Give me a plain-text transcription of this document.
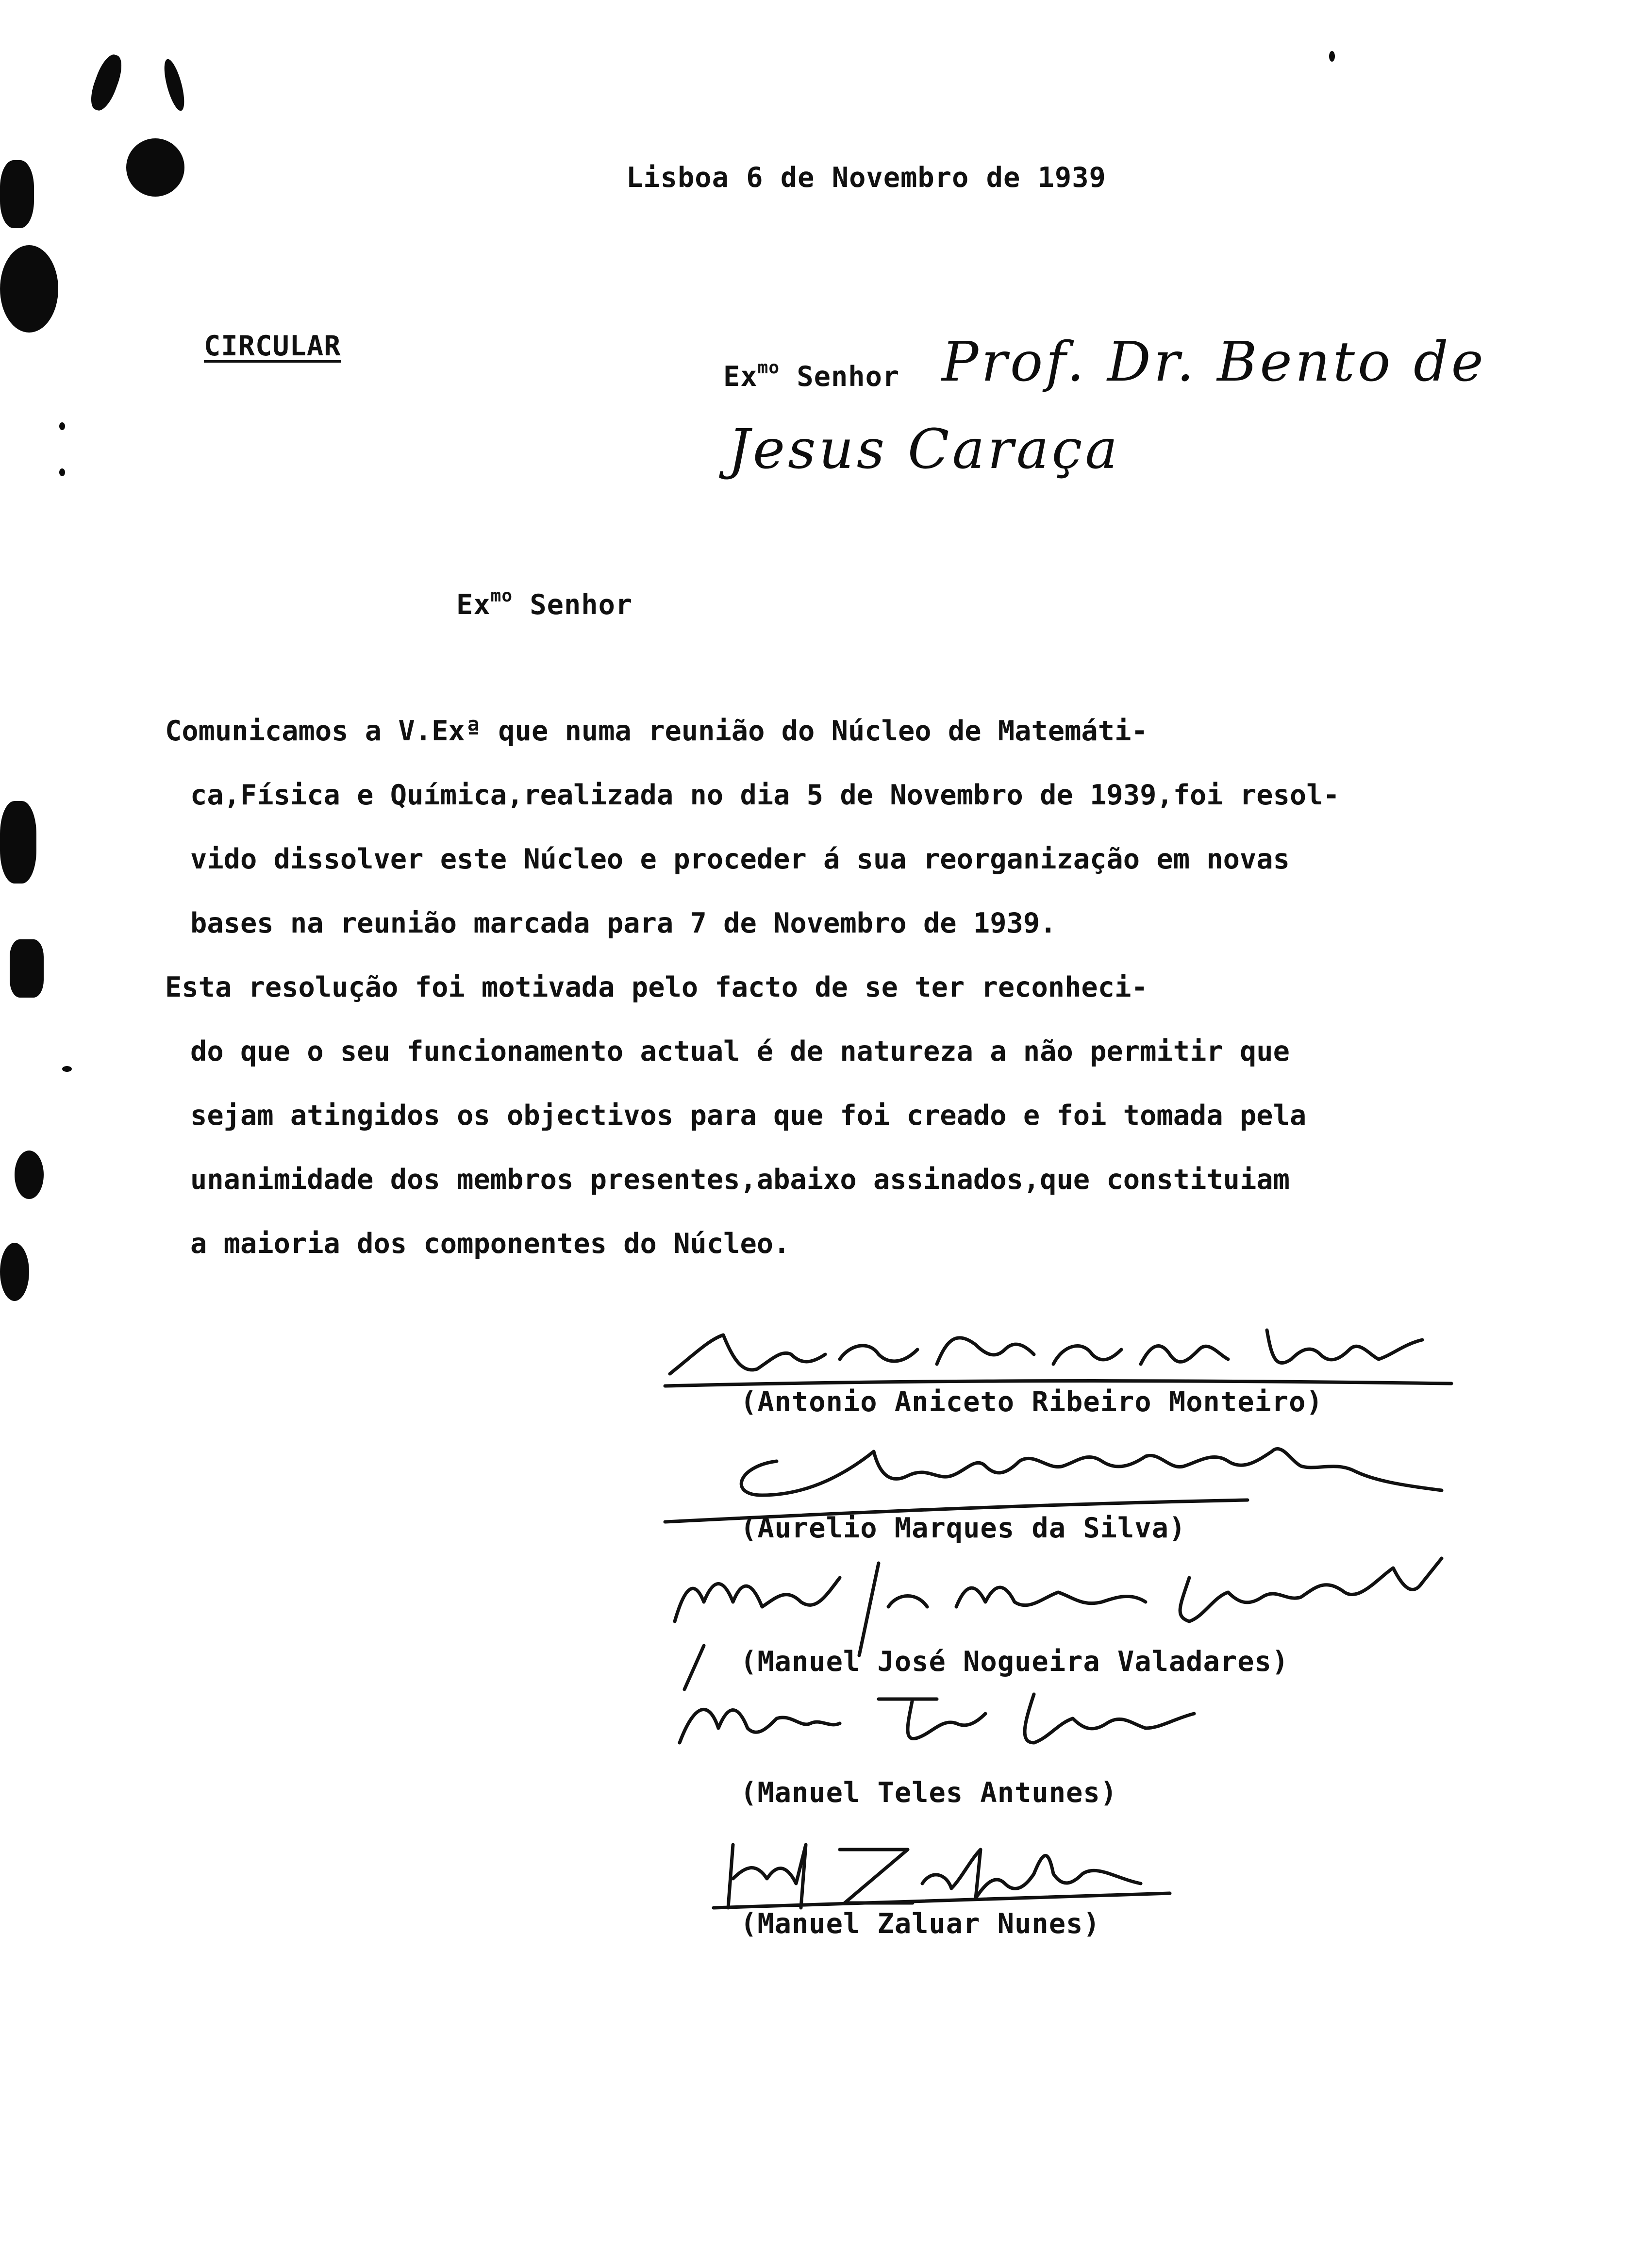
Lisboa 6 de Novembro de 1939
CIRCULAR
$Ex^{mo}$ Senhor Prof. Dr. Bento de
Jesus Caraça
$Ex^{mo}$ Senhor
Comunicamos a V.Exª que numa reunião do Núcleo de Matemáti-
ca,Física e Química,realizada no dia 5 de Novembro de 1939,foi resol-
vido dissolver este Núcleo e proceder á sua reorganização em novas
bases na reunião marcada para 7 de Novembro de 1939.
Esta resolução foi motivada pelo facto de se ter reconheci-
do que o seu funcionamento actual é de natureza a não permitir que
sejam atingidos os objectivos para que foi creado e foi tomada pela
unanimidade dos membros presentes,abaixo assinados,que constituiam
a maioria dos componentes do Núcleo.
(Antonio Aniceto Ribeiro Monteiro)
(Aurelio Marques da Silva)
(Manuel José Nogueira Valadares)
(Manuel Teles Antunes)
(Manuel Zaluar Nunes)
